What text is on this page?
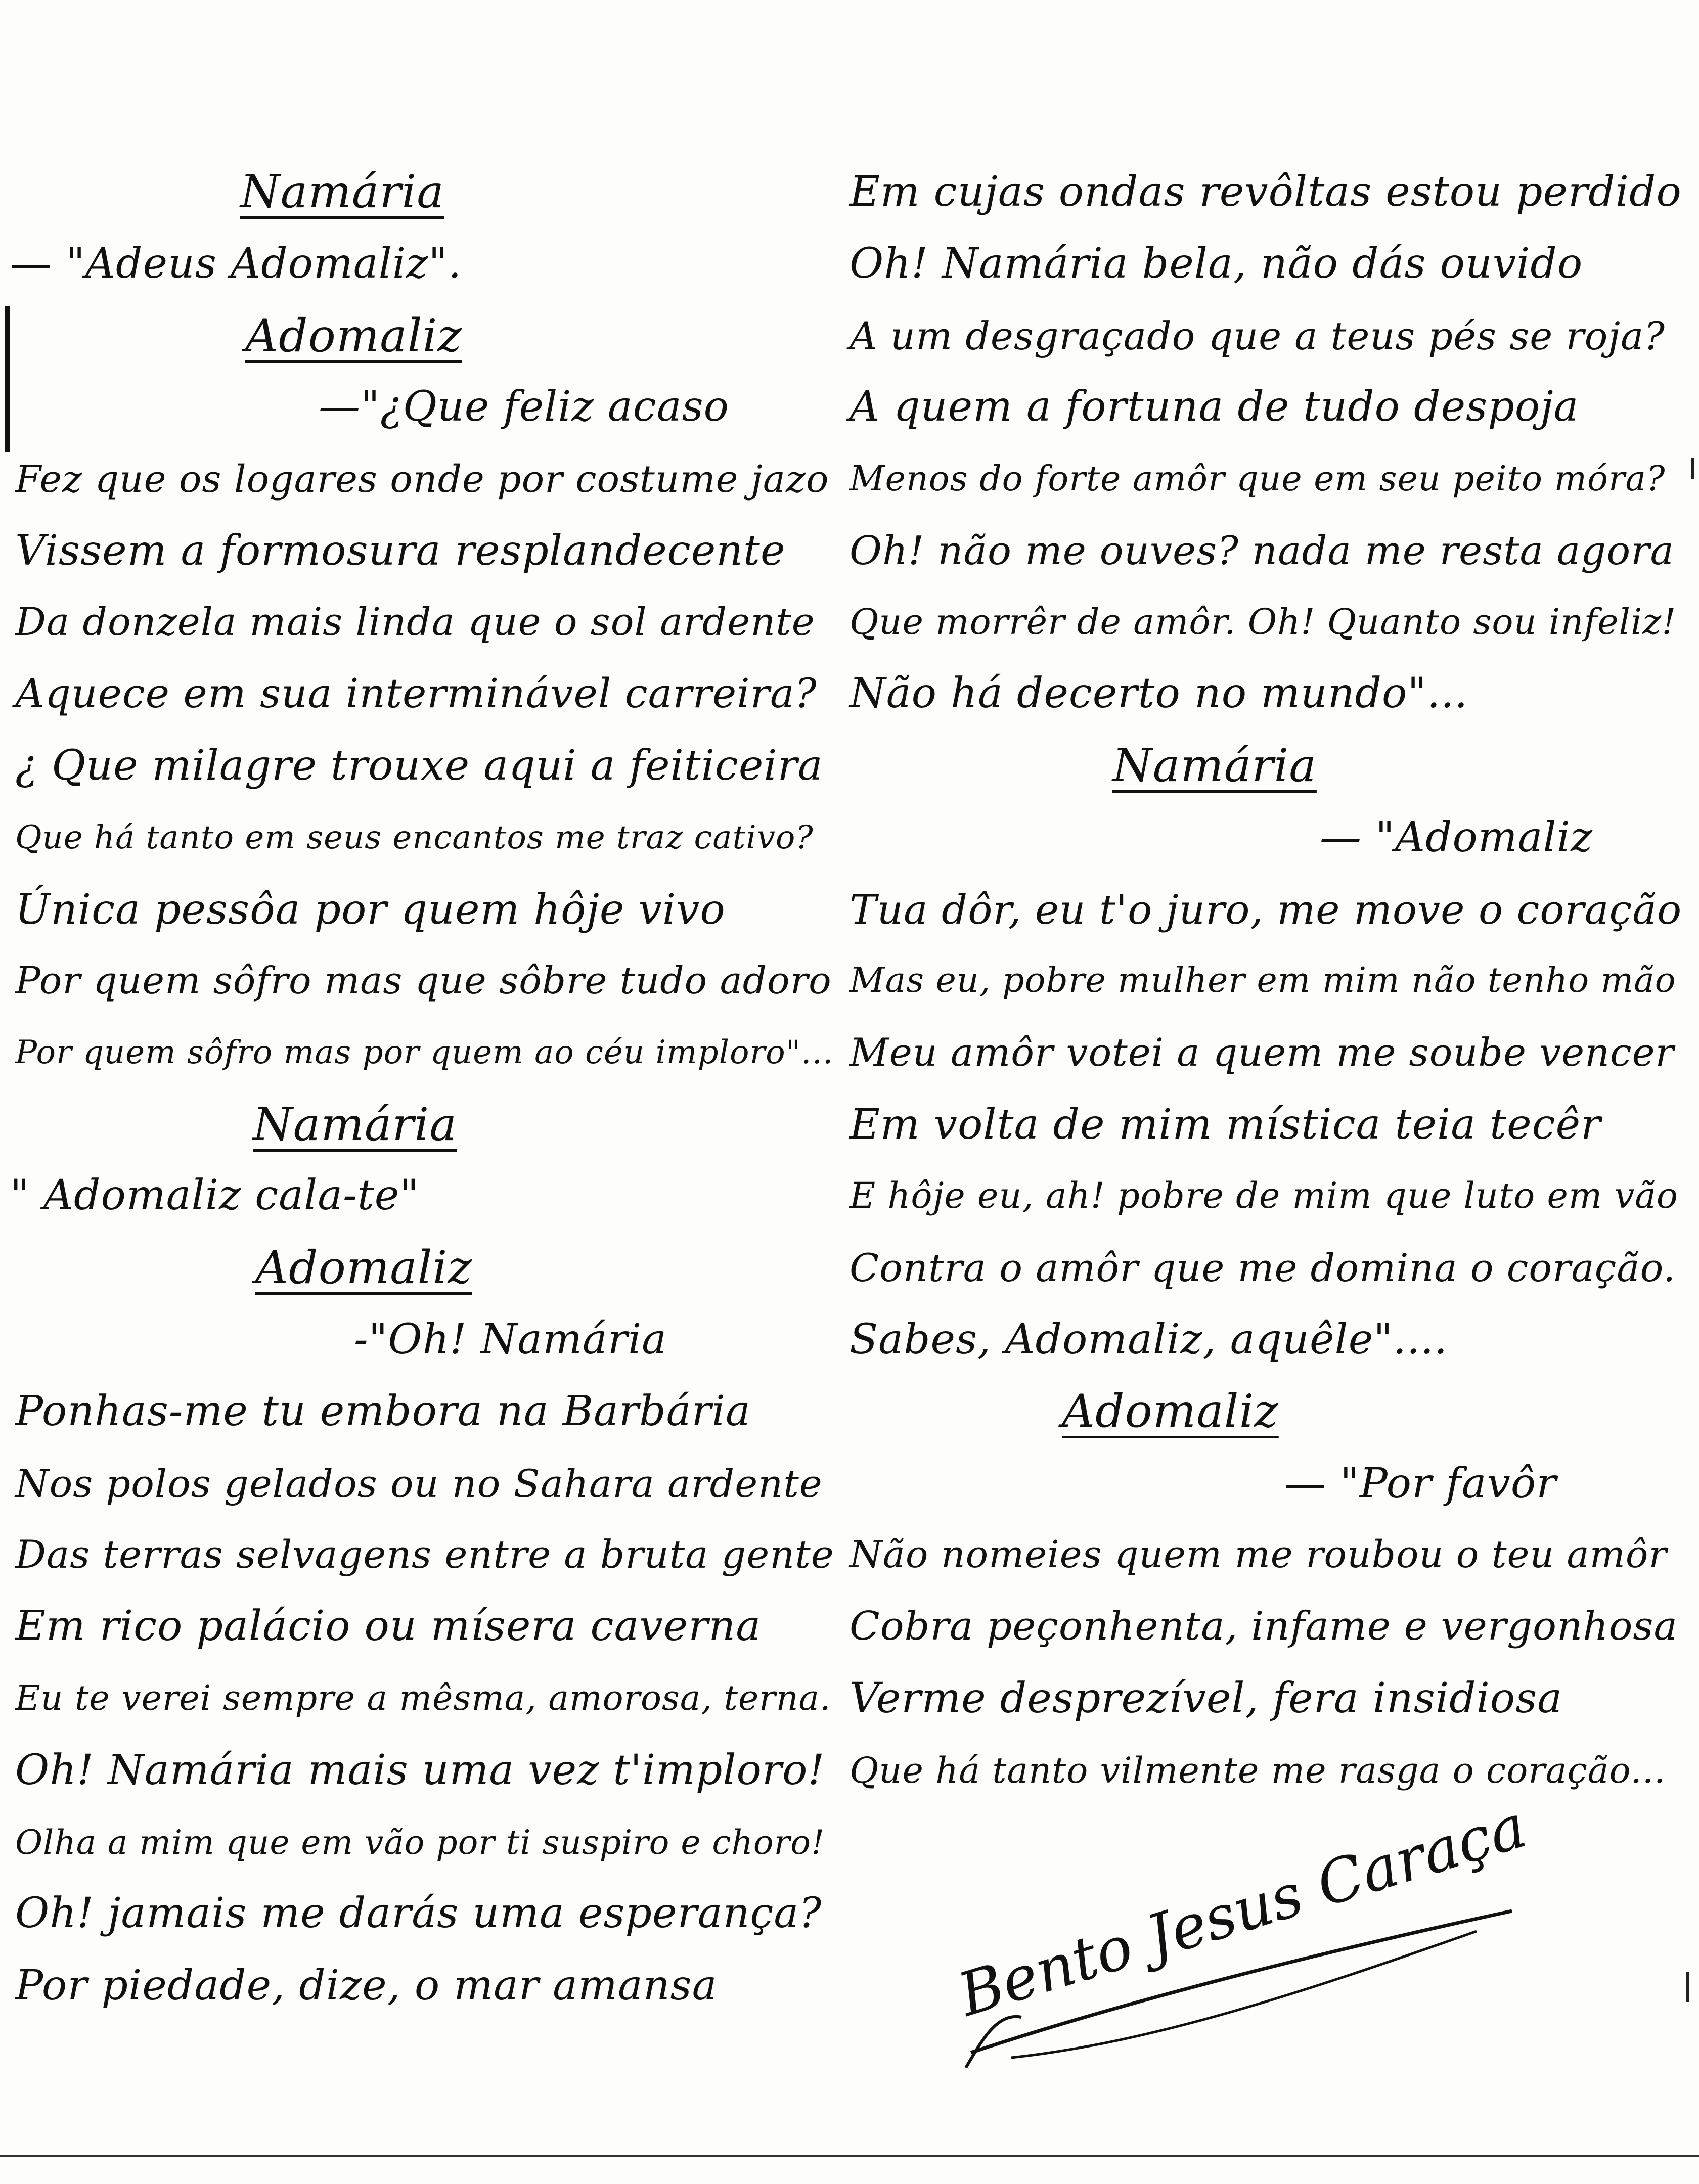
Namária
— "Adeus Adomaliz".
Adomaliz
—"¿Que feliz acaso
Fez que os logares onde por costume jazo
Vissem a formosura resplandecente
Da donzela mais linda que o sol ardente
Aquece em sua interminável carreira?
¿ Que milagre trouxe aqui a feiticeira
Que há tanto em seus encantos me traz cativo?
Única pessôa por quem hôje vivo
Por quem sôfro mas que sôbre tudo adoro
Por quem sôfro mas por quem ao céu imploro"...
Namária
" Adomaliz cala-te"
Adomaliz
-"Oh! Namária
Ponhas-me tu embora na Barbária
Nos polos gelados ou no Sahara ardente
Das terras selvagens entre a bruta gente
Em rico palácio ou mísera caverna
Eu te verei sempre a mêsma, amorosa, terna.
Oh! Namária mais uma vez t'imploro!
Olha a mim que em vão por ti suspiro e choro!
Oh! jamais me darás uma esperança?
Por piedade, dize, o mar amansa
Em cujas ondas revôltas estou perdido
Oh! Namária bela, não dás ouvido
A um desgraçado que a teus pés se roja?
A quem a fortuna de tudo despoja
Menos do forte amôr que em seu peito móra?
Oh! não me ouves? nada me resta agora
Que morrêr de amôr. Oh! Quanto sou infeliz!
Não há decerto no mundo"...
Namária
— "Adomaliz
Tua dôr, eu t'o juro, me move o coração
Mas eu, pobre mulher em mim não tenho mão
Meu amôr votei a quem me soube vencer
Em volta de mim mística teia tecêr
E hôje eu, ah! pobre de mim que luto em vão
Contra o amôr que me domina o coração.
Sabes, Adomaliz, aquêle"....
Adomaliz
— "Por favôr
Não nomeies quem me roubou o teu amôr
Cobra peçonhenta, infame e vergonhosa
Verme desprezível, fera insidiosa
Que há tanto vilmente me rasga o coração...
Bento Jesus Caraça
